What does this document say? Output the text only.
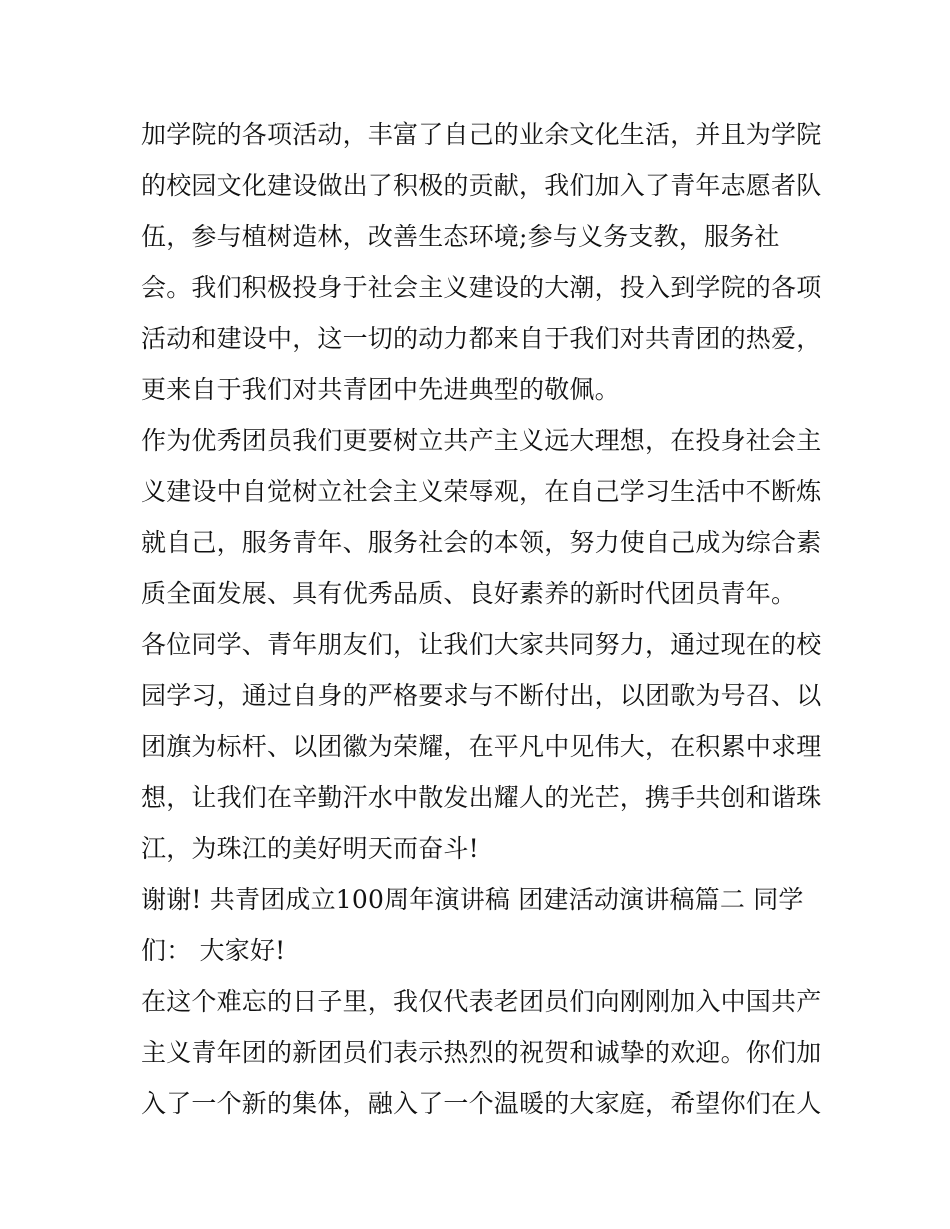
加学院的各项活动，丰富了自己的业余文化生活，并且为学院
的校园文化建设做出了积极的贡献，我们加入了青年志愿者队
伍，参与植树造林，改善生态环境;参与义务支教，服务社
会。我们积极投身于社会主义建设的大潮，投入到学院的各项
活动和建设中，这一切的动力都来自于我们对共青团的热爱，
更来自于我们对共青团中先进典型的敬佩。
作为优秀团员我们更要树立共产主义远大理想，在投身社会主
义建设中自觉树立社会主义荣辱观，在自己学习生活中不断炼
就自己，服务青年、服务社会的本领，努力使自己成为综合素
质全面发展、具有优秀品质、良好素养的新时代团员青年。
各位同学、青年朋友们，让我们大家共同努力，通过现在的校
园学习，通过自身的严格要求与不断付出，以团歌为号召、以
团旗为标杆、以团徽为荣耀，在平凡中见伟大，在积累中求理
想，让我们在辛勤汗水中散发出耀人的光芒，携手共创和谐珠
江，为珠江的美好明天而奋斗!
谢谢! 共青团成立100周年演讲稿 团建活动演讲稿篇二 同学
们： 大家好!
在这个难忘的日子里，我仅代表老团员们向刚刚加入中国共产
主义青年团的新团员们表示热烈的祝贺和诚挚的欢迎。你们加
入了一个新的集体，融入了一个温暖的大家庭，希望你们在人
